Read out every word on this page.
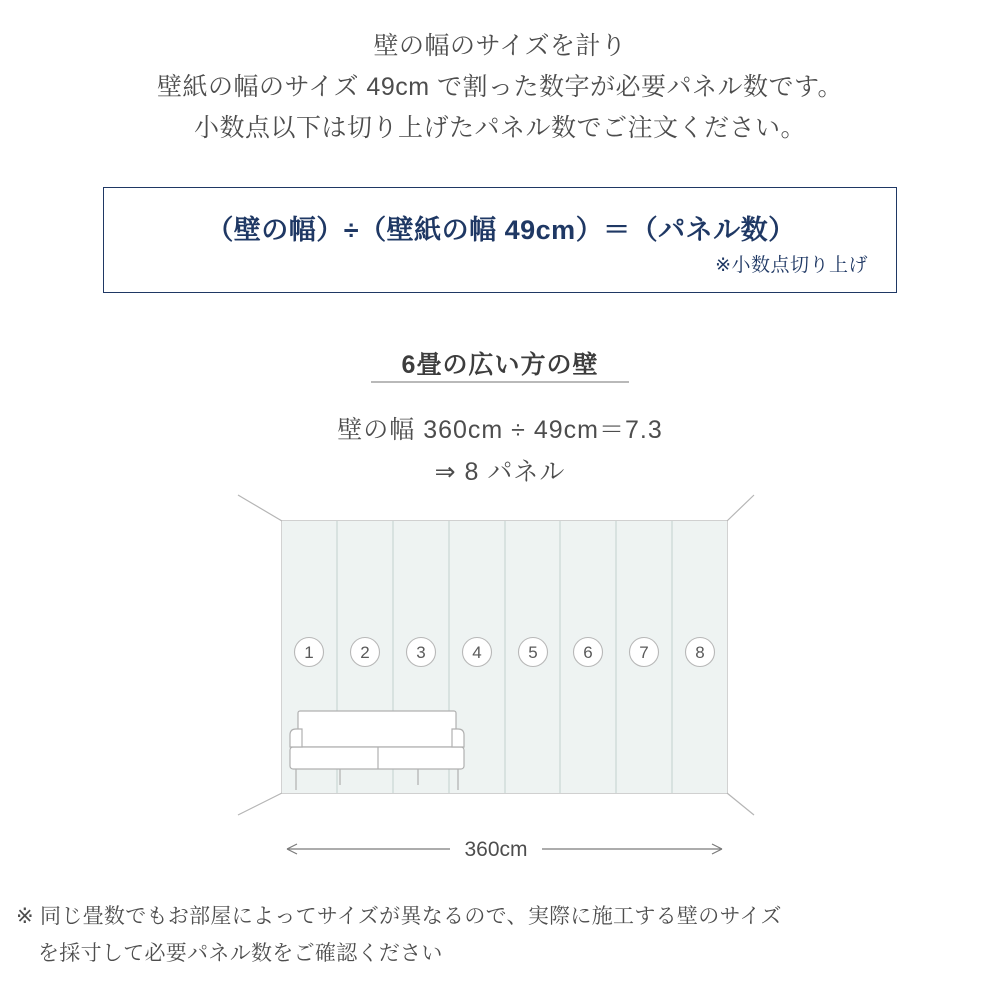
壁の幅のサイズを計り
壁紙の幅のサイズ 49cm で割った数字が必要パネル数です。
小数点以下は切り上げたパネル数でご注文ください。
（壁の幅）÷（壁紙の幅 49cm）＝（パネル数）
※小数点切り上げ
6畳の広い方の壁
壁の幅 360cm ÷ 49cm＝7.3
⇒ 8 パネル
1	2	3	4	5	6	7	8
360cm
※ 同じ畳数でもお部屋によってサイズが異なるので、実際に施工する壁のサイズ
を採寸して必要パネル数をご確認ください
